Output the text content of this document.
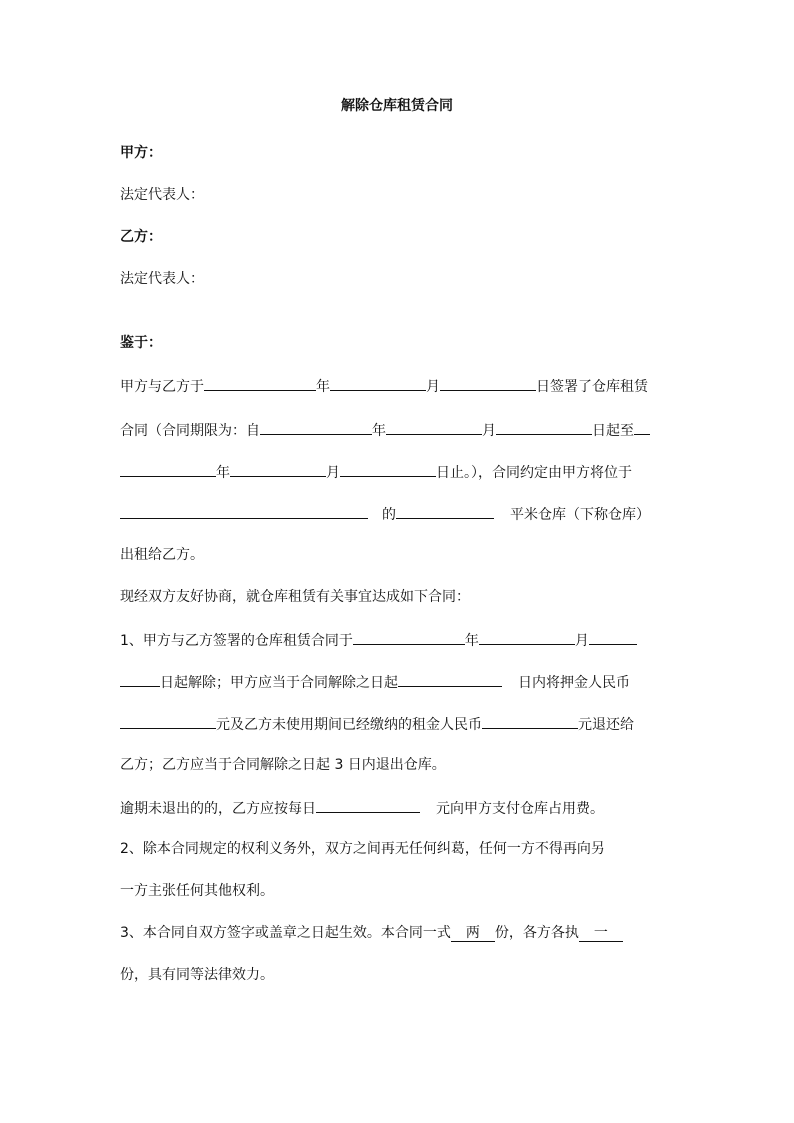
解除仓库租赁合同
甲方：
法定代表人：
乙方：
法定代表人：
鉴于：
甲方与乙方于	年	月	日签署了仓库租赁
合同（合同期限为：自	年	月	日起至
年	月	日止。），合同约定由甲方将位于
的	平米仓库（下称仓库）
出租给乙方。
现经双方友好协商，就仓库租赁有关事宜达成如下合同：
1、甲方与乙方签署的仓库租赁合同于	年	月
日起解除；甲方应当于合同解除之日起	日内将押金人民币
元及乙方未使用期间已经缴纳的租金人民币	元退还给
乙方；乙方应当于合同解除之日起 3 日内退出仓库。
逾期未退出的的，乙方应按每日	元向甲方支付仓库占用费。
2、除本合同规定的权利义务外，双方之间再无任何纠葛，任何一方不得再向另
一方主张任何其他权利。
3、本合同自双方签字或盖章之日起生效。本合同一式 两 份，各方各执 一
份，具有同等法律效力。
